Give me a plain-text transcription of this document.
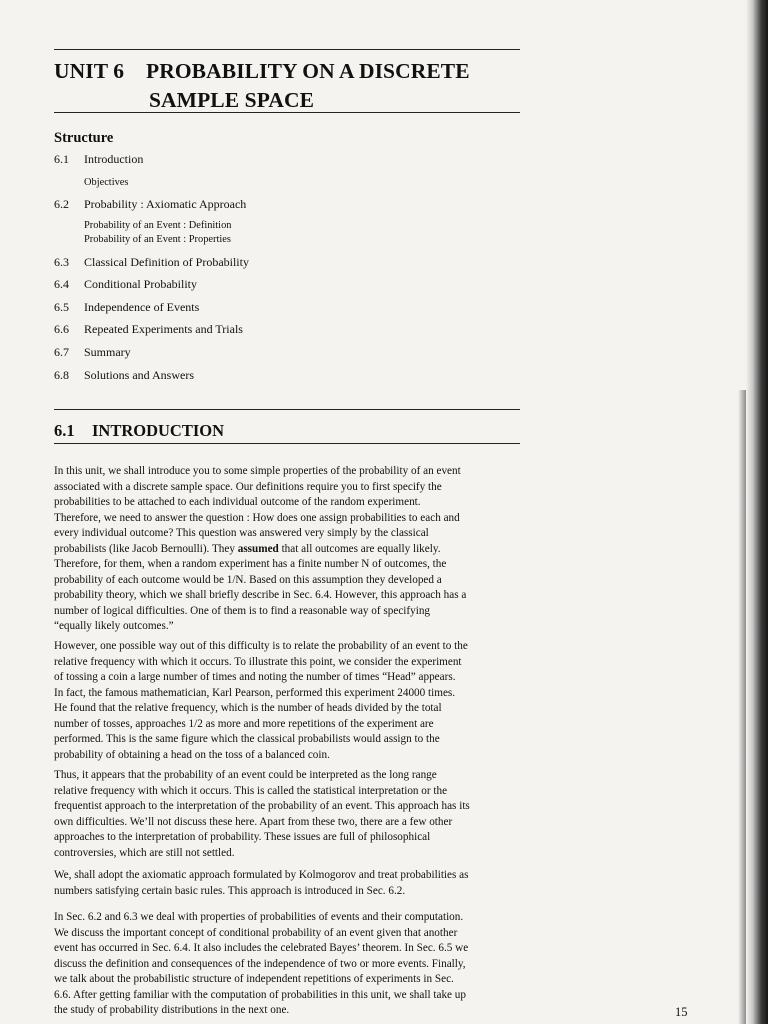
UNIT 6 PROBABILITY ON A DISCRETE
SAMPLE SPACE
Structure
6.1 Introduction
Objectives
6.2 Probability : Axiomatic Approach
Probability of an Event : Definition
Probability of an Event : Properties
6.3 Classical Definition of Probability
6.4 Conditional Probability
6.5 Independence of Events
6.6 Repeated Experiments and Trials
6.7 Summary
6.8 Solutions and Answers
6.1 INTRODUCTION
In this unit, we shall introduce you to some simple properties of the probability of an event
associated with a discrete sample space. Our definitions require you to first specify the
probabilities to be attached to each individual outcome of the random experiment.
Therefore, we need to answer the question : How does one assign probabilities to each and
every individual outcome? This question was answered very simply by the classical
probabilists (like Jacob Bernoulli). They assumed that all outcomes are equally likely.
Therefore, for them, when a random experiment has a finite number N of outcomes, the
probability of each outcome would be 1/N. Based on this assumption they developed a
probability theory, which we shall briefly describe in Sec. 6.4. However, this approach has a
number of logical difficulties. One of them is to find a reasonable way of specifying
“equally likely outcomes.”
However, one possible way out of this difficulty is to relate the probability of an event to the
relative frequency with which it occurs. To illustrate this point, we consider the experiment
of tossing a coin a large number of times and noting the number of times “Head” appears.
In fact, the famous mathematician, Karl Pearson, performed this experiment 24000 times.
He found that the relative frequency, which is the number of heads divided by the total
number of tosses, approaches 1/2 as more and more repetitions of the experiment are
performed. This is the same figure which the classical probabilists would assign to the
probability of obtaining a head on the toss of a balanced coin.
Thus, it appears that the probability of an event could be interpreted as the long range
relative frequency with which it occurs. This is called the statistical interpretation or the
frequentist approach to the interpretation of the probability of an event. This approach has its
own difficulties. We’ll not discuss these here. Apart from these two, there are a few other
approaches to the interpretation of probability. These issues are full of philosophical
controversies, which are still not settled.
We, shall adopt the axiomatic approach formulated by Kolmogorov and treat probabilities as
numbers satisfying certain basic rules. This approach is introduced in Sec. 6.2.
In Sec. 6.2 and 6.3 we deal with properties of probabilities of events and their computation.
We discuss the important concept of conditional probability of an event given that another
event has occurred in Sec. 6.4. It also includes the celebrated Bayes’ theorem. In Sec. 6.5 we
discuss the definition and consequences of the independence of two or more events. Finally,
we talk about the probabilistic structure of independent repetitions of experiments in Sec.
6.6. After getting familiar with the computation of probabilities in this unit, we shall take up
the study of probability distributions in the next one.	15
